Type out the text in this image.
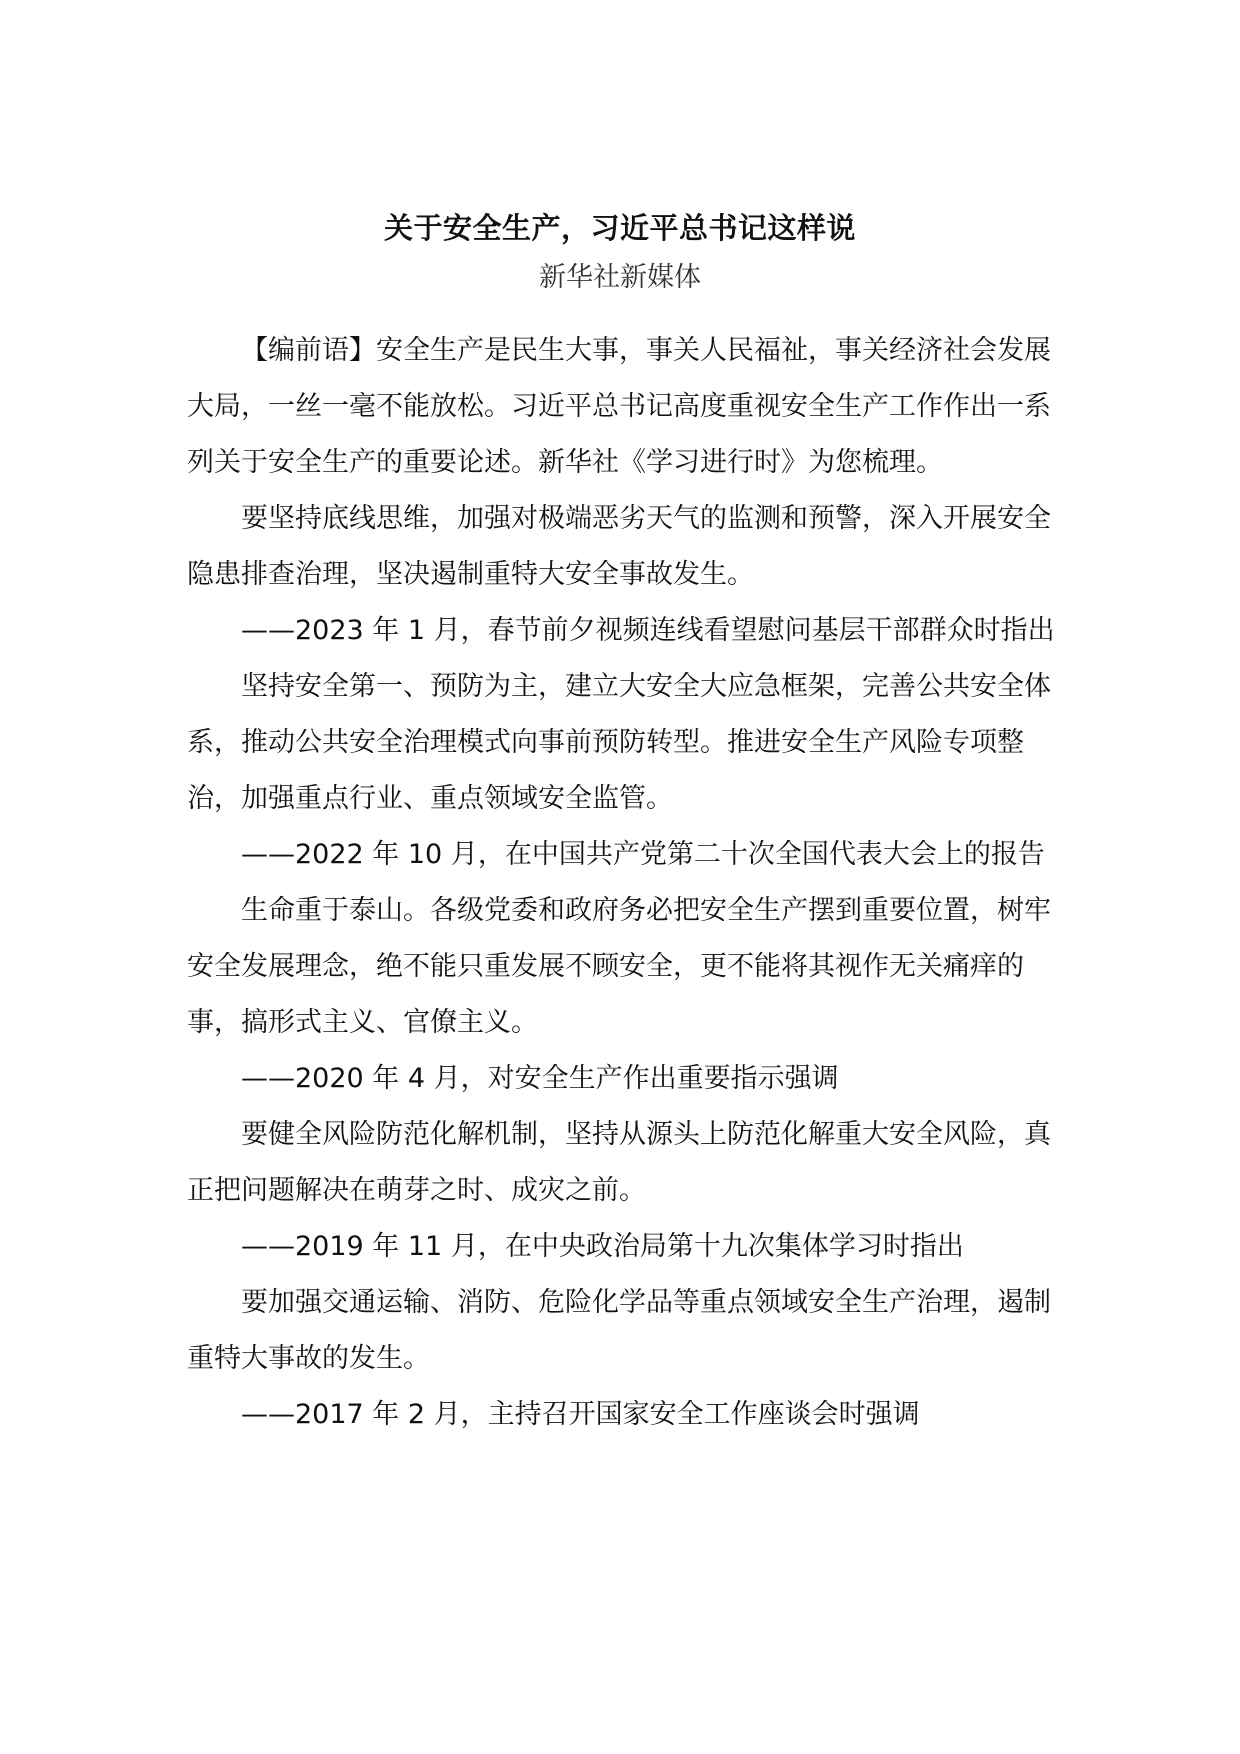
关于安全生产，习近平总书记这样说
新华社新媒体

【编前语】安全生产是民生大事，事关人民福祉，事关经济社会发展大局，一丝一毫不能放松。习近平总书记高度重视安全生产工作作出一系列关于安全生产的重要论述。新华社《学习进行时》为您梳理。

要坚持底线思维，加强对极端恶劣天气的监测和预警，深入开展安全隐患排查治理，坚决遏制重特大安全事故发生。

——2023 年 1 月，春节前夕视频连线看望慰问基层干部群众时指出

坚持安全第一、预防为主，建立大安全大应急框架，完善公共安全体系，推动公共安全治理模式向事前预防转型。推进安全生产风险专项整治，加强重点行业、重点领域安全监管。

——2022 年 10 月，在中国共产党第二十次全国代表大会上的报告

生命重于泰山。各级党委和政府务必把安全生产摆到重要位置，树牢安全发展理念，绝不能只重发展不顾安全，更不能将其视作无关痛痒的事，搞形式主义、官僚主义。

——2020 年 4 月，对安全生产作出重要指示强调

要健全风险防范化解机制，坚持从源头上防范化解重大安全风险，真正把问题解决在萌芽之时、成灾之前。

——2019 年 11 月，在中央政治局第十九次集体学习时指出

要加强交通运输、消防、危险化学品等重点领域安全生产治理，遏制重特大事故的发生。

——2017 年 2 月，主持召开国家安全工作座谈会时强调
